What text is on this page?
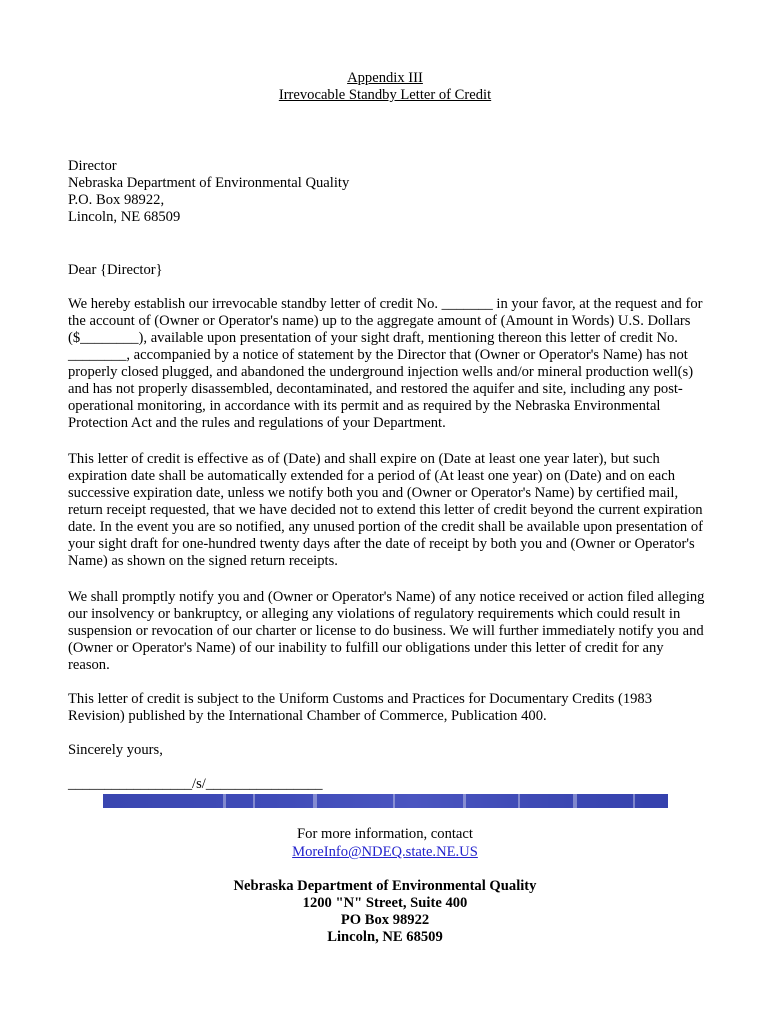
Appendix III
Irrevocable Standby Letter of Credit
Director
Nebraska Department of Environmental Quality
P.O. Box 98922,
Lincoln, NE 68509
Dear {Director}

We hereby establish our irrevocable standby letter of credit No. _______ in your favor, at the request and for the account of (Owner or Operator's name) up to the aggregate amount of (Amount in Words) U.S. Dollars ($________), available upon presentation of your sight draft, mentioning thereon this letter of credit No. ________, accompanied by a notice of statement by the Director that (Owner or Operator's Name) has not properly closed plugged, and abandoned the underground injection wells and/or mineral production well(s) and has not properly disassembled, decontaminated, and restored the aquifer and site, including any post-operational monitoring, in accordance with its permit and as required by the Nebraska Environmental Protection Act and the rules and regulations of your Department.

This letter of credit is effective as of (Date) and shall expire on (Date at least one year later), but such expiration date shall be automatically extended for a period of (At least one year) on (Date) and on each successive expiration date, unless we notify both you and (Owner or Operator's Name) by certified mail, return receipt requested, that we have decided not to extend this letter of credit beyond the current expiration date. In the event you are so notified, any unused portion of the credit shall be available upon presentation of your sight draft for one-hundred twenty days after the date of receipt by both you and (Owner or Operator's Name) as shown on the signed return receipts.

We shall promptly notify you and (Owner or Operator's Name) of any notice received or action filed alleging our insolvency or bankruptcy, or alleging any violations of regulatory requirements which could result in suspension or revocation of our charter or license to do business. We will further immediately notify you and (Owner or Operator's Name) of our inability to fulfill our obligations under this letter of credit for any reason.

This letter of credit is subject to the Uniform Customs and Practices for Documentary Credits (1983 Revision) published by the International Chamber of Commerce, Publication 400.

Sincerely yours,
_________________/s/________________
For more information, contact
MoreInfo@NDEQ.state.NE.US
Nebraska Department of Environmental Quality
1200 "N" Street, Suite 400
PO Box 98922
Lincoln, NE 68509
